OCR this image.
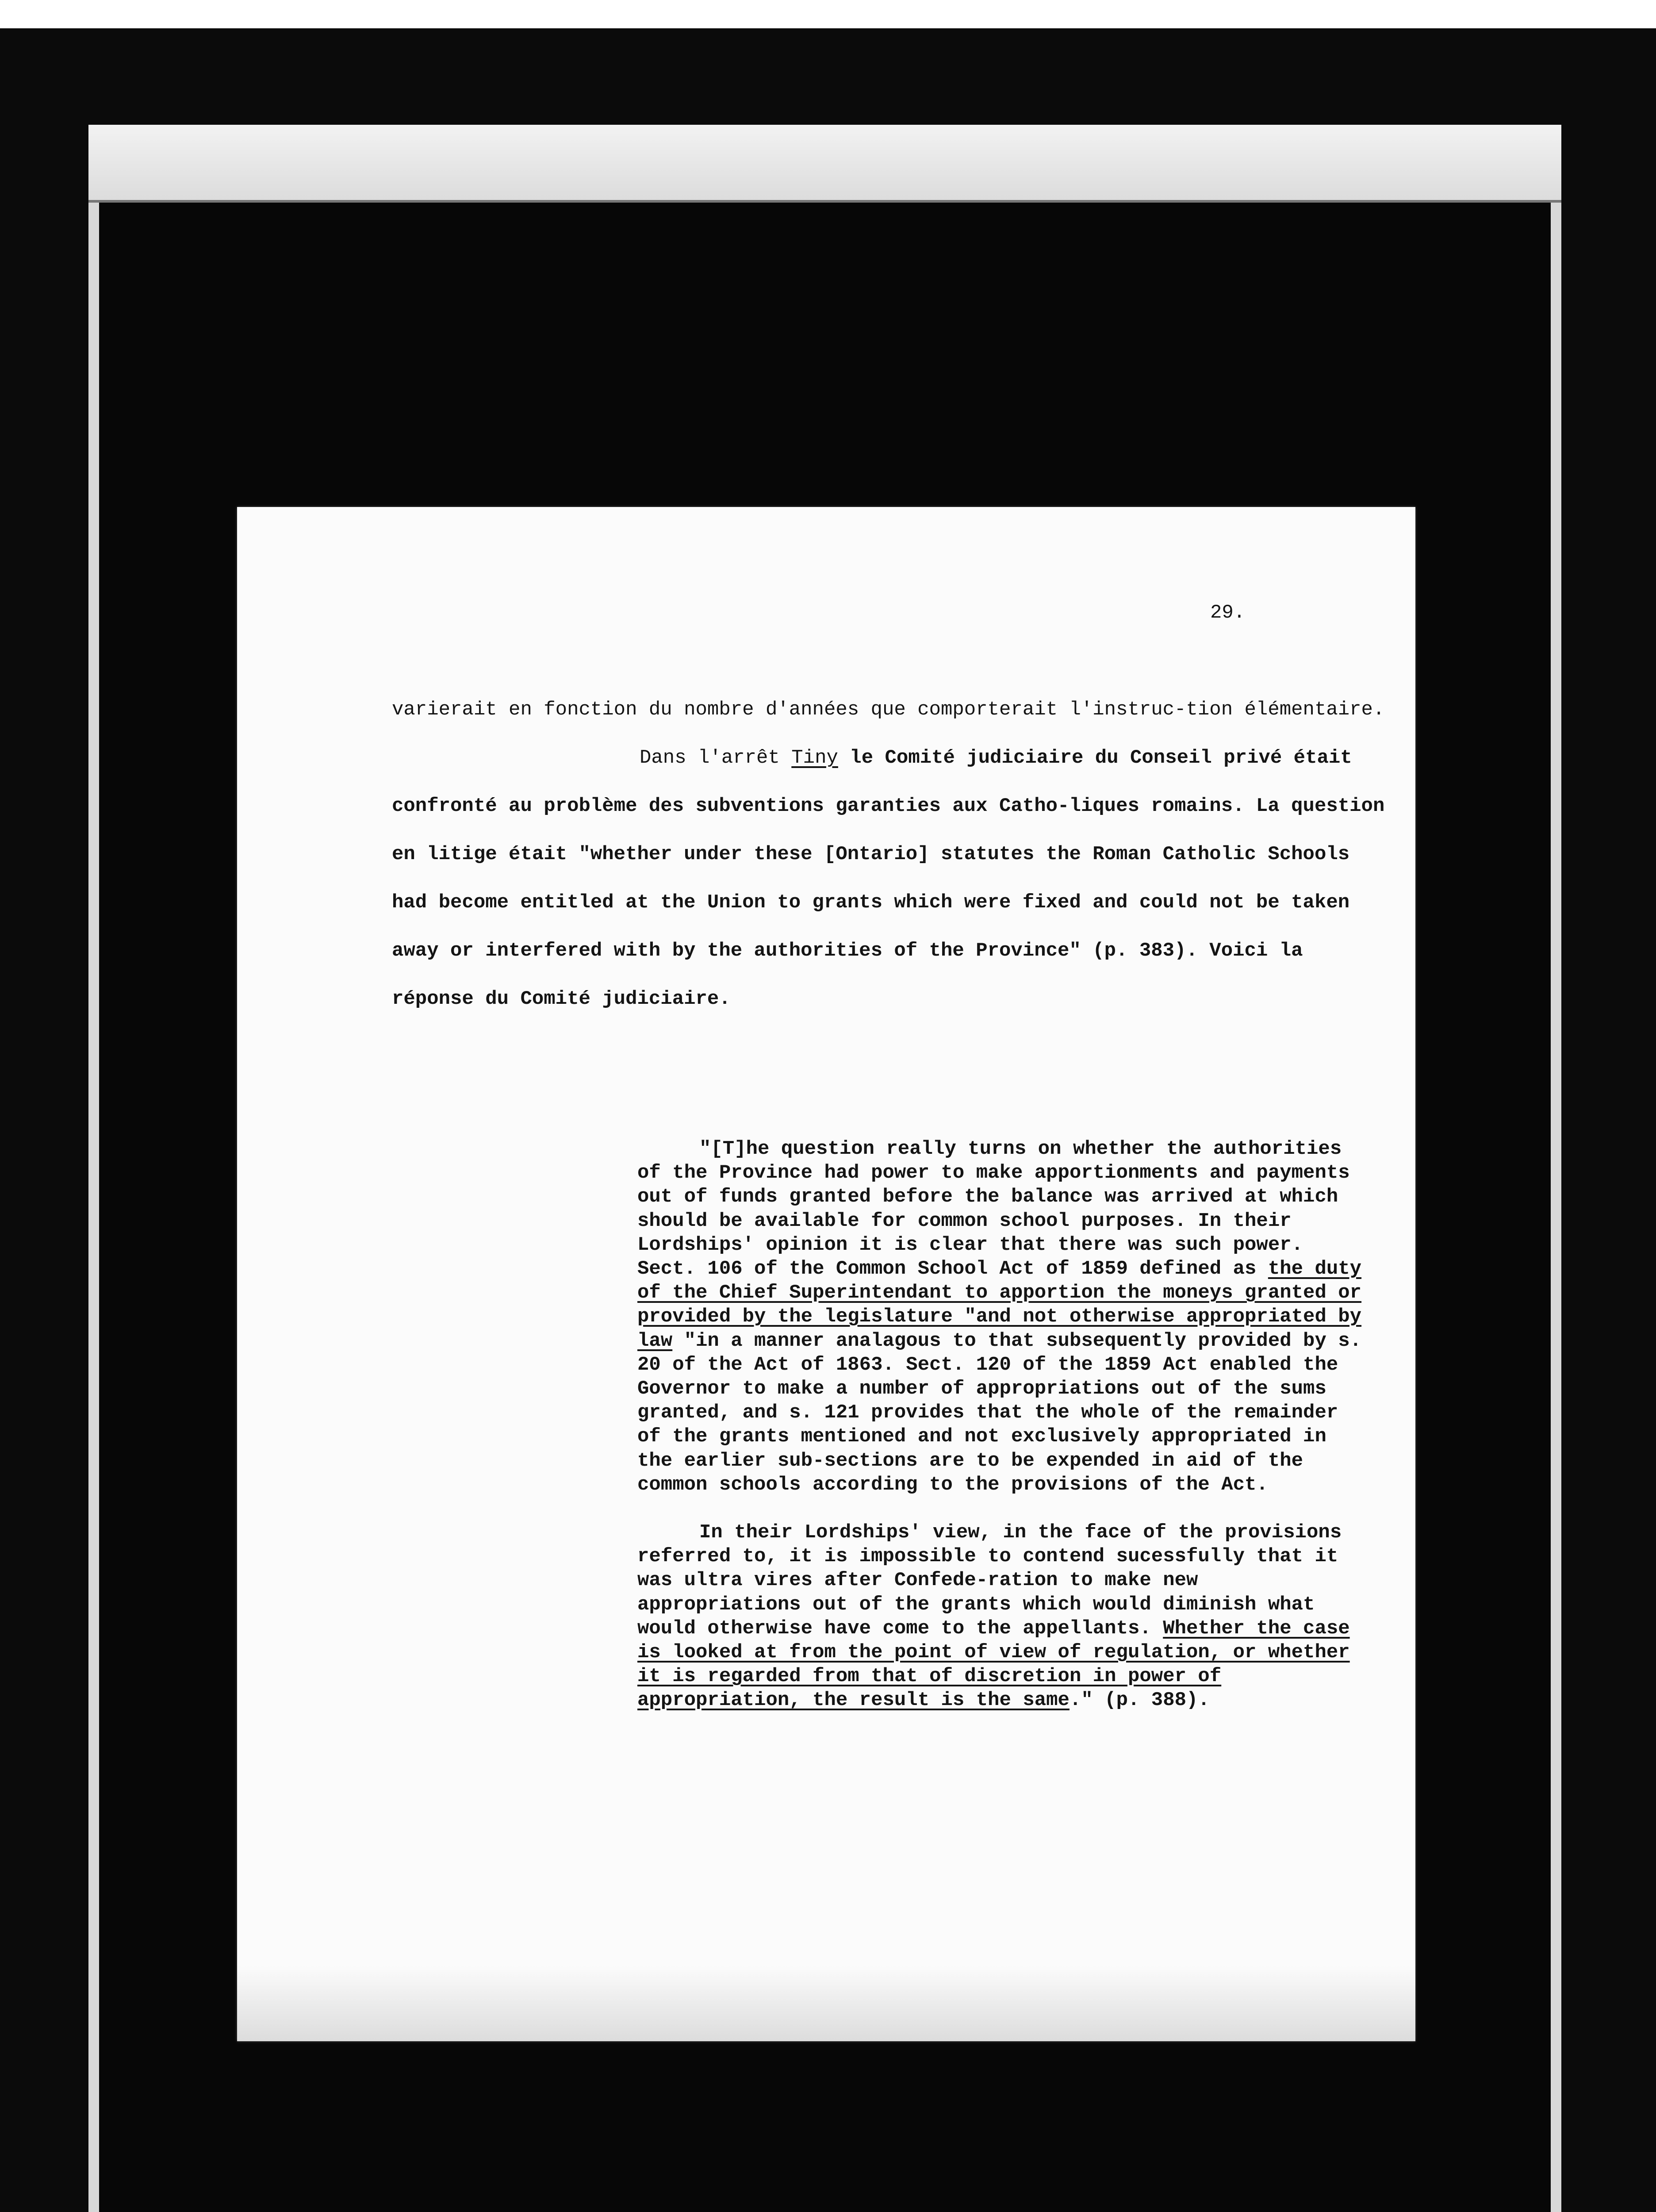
29.

varierait en fonction du nombre d'années que comporterait l'instruc-tion élémentaire.

Dans l'arrêt Tiny le Comité judiciaire du Conseil privé était confronté au problème des subventions garanties aux Catho-liques romains. La question en litige était "whether under these [Ontario] statutes the Roman Catholic Schools had become entitled at the Union to grants which were fixed and could not be taken away or interfered with by the authorities of the Province" (p. 383). Voici la réponse du Comité judiciaire.

"[T]he question really turns on whether the authorities of the Province had power to make apportionments and payments out of funds granted before the balance was arrived at which should be available for common school purposes. In their Lordships' opinion it is clear that there was such power. Sect. 106 of the Common School Act of 1859 defined as the duty of the Chief Superintendant to apportion the moneys granted or provided by the legislature "and not otherwise appropriated by law "in a manner analagous to that subsequently provided by s. 20 of the Act of 1863. Sect. 120 of the 1859 Act enabled the Governor to make a number of appropriations out of the sums granted, and s. 121 provides that the whole of the remainder of the grants mentioned and not exclusively appropriated in the earlier sub-sections are to be expended in aid of the common schools according to the provisions of the Act.

In their Lordships' view, in the face of the provisions referred to, it is impossible to contend sucessfully that it was ultra vires after Confede-ration to make new appropriations out of the grants which would diminish what would otherwise have come to the appellants. Whether the case is looked at from the point of view of regulation, or whether it is regarded from that of discretion in power of appropriation, the result is the same." (p. 388).
